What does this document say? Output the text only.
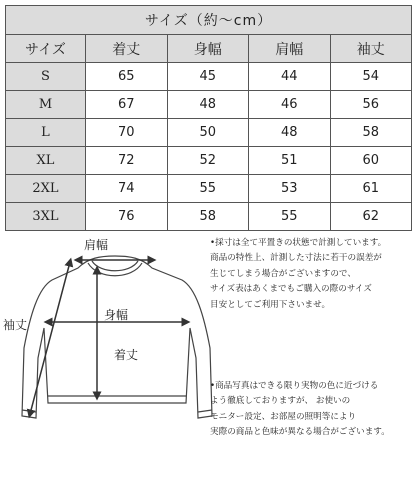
サイズ（約〜cm）				
サイズ	着丈	身幅	肩幅	袖丈
S	65	45	44	54
M	67	48	46	56
L	70	50	48	58
XL	72	52	51	60
2XL	74	55	53	61
3XL	76	58	55	62
肩幅
身幅
着丈
袖丈

•採寸は全て平置きの状態で計測しています。

商品の特性上、計測した寸法に若干の誤差が

生じてしまう場合がございますので、

サイズ表はあくまでもご購入の際のサイズ

目安としてご利用下さいませ。

•商品写真はできる限り実物の色に近づける

よう徹底しておりますが、 お使いの

モニター設定、お部屋の照明等により

実際の商品と色味が異なる場合がございます。
